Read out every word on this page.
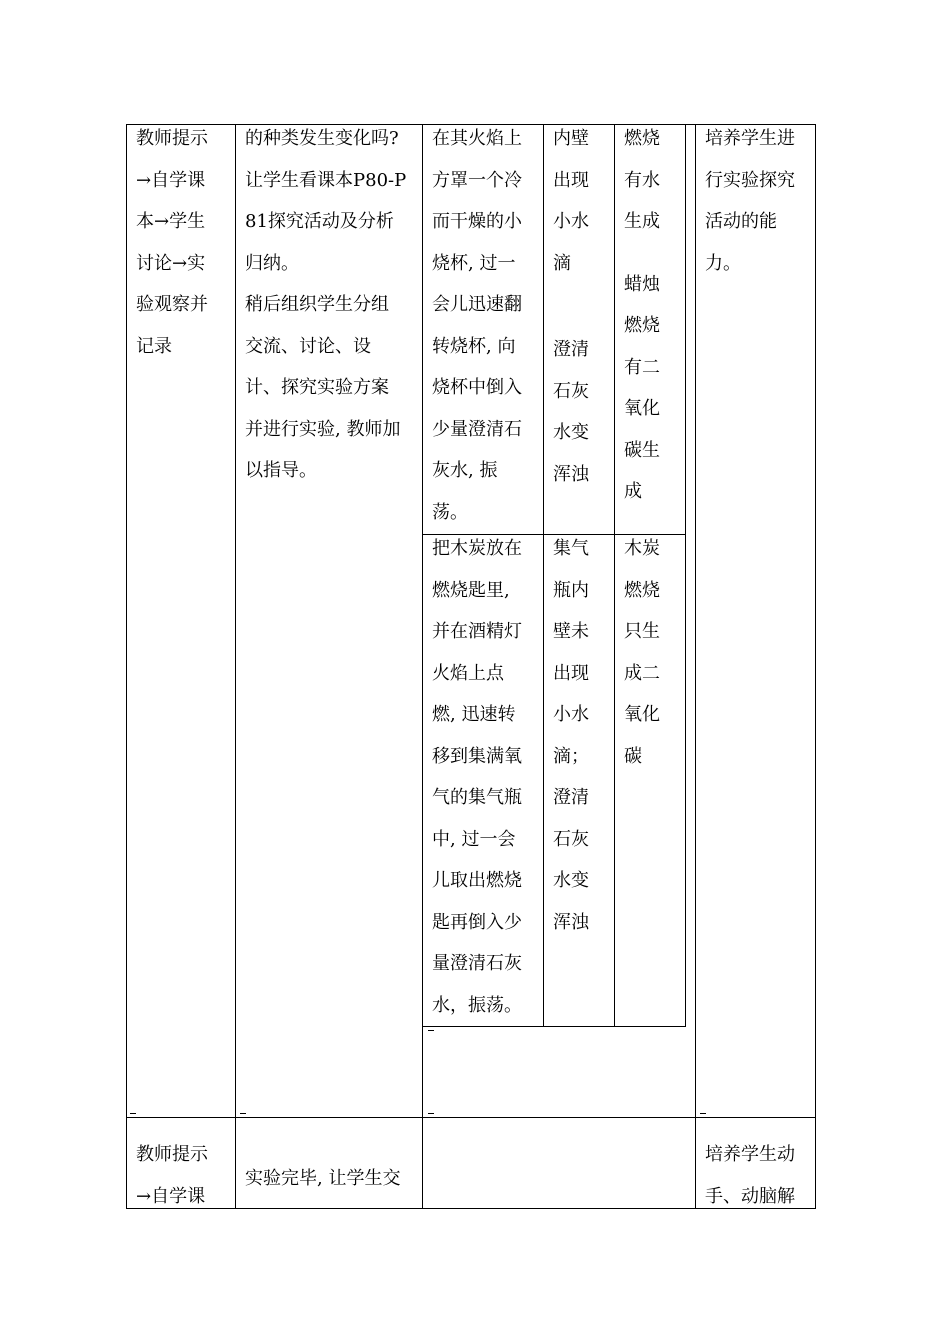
教师提示
→自学课
本→学生
讨论→实
验观察并
记录
的种类发生变化吗?
让学生看课本P80-P
81探究活动及分析
归纳。
稍后组织学生分组
交流、讨论、设
计、探究实验方案
并进行实验, 教师加
以指导。
在其火焰上
方罩一个冷
而干燥的小
烧杯, 过一
会儿迅速翻
转烧杯, 向
烧杯中倒入
少量澄清石
灰水, 振
荡。
内壁
出现
小水
滴
澄清
石灰
水变
浑浊
燃烧
有水
生成
蜡烛
燃烧
有二
氧化
碳生
成
把木炭放在
燃烧匙里,
并在酒精灯
火焰上点
燃, 迅速转
移到集满氧
气的集气瓶
中, 过一会
儿取出燃烧
匙再倒入少
量澄清石灰
水，振荡。
集气
瓶内
壁未
出现
小水
滴；
澄清
石灰
水变
浑浊
木炭
燃烧
只生
成二
氧化
碳
培养学生进
行实验探究
活动的能
力。
教师提示
→自学课
实验完毕, 让学生交
培养学生动
手、动脑解
